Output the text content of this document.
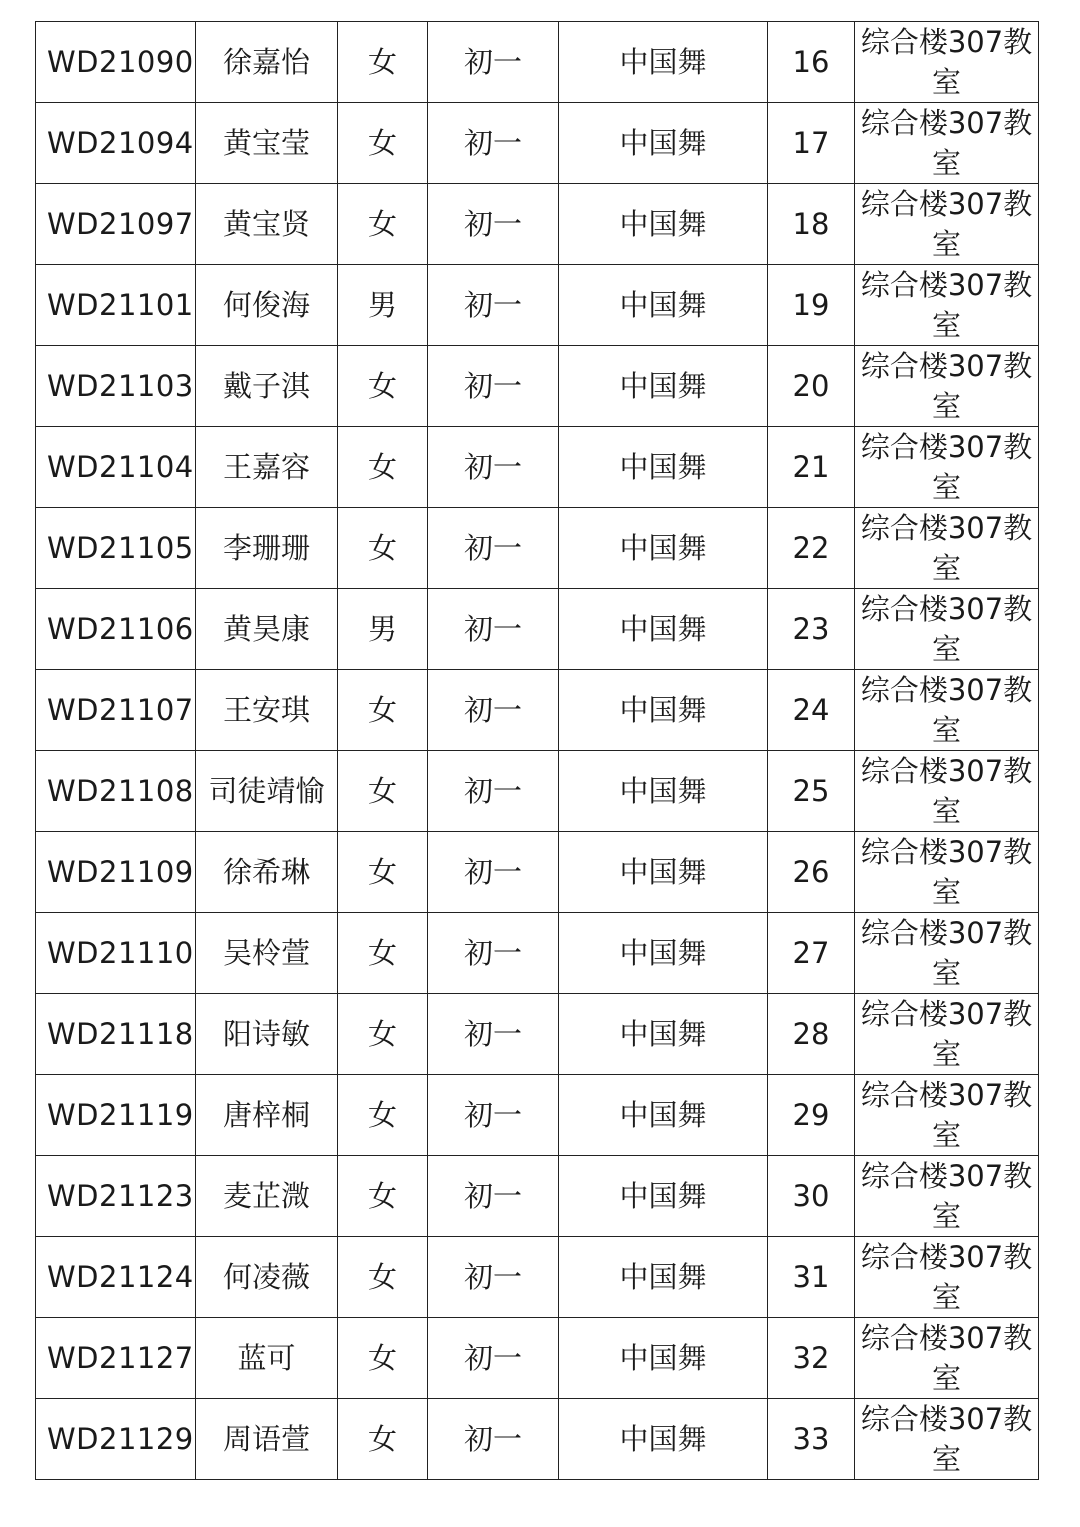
WD21090	徐嘉怡	女	初一	中国舞	16	综合楼307教室
WD21094	黄宝莹	女	初一	中国舞	17	综合楼307教室
WD21097	黄宝贤	女	初一	中国舞	18	综合楼307教室
WD21101	何俊海	男	初一	中国舞	19	综合楼307教室
WD21103	戴子淇	女	初一	中国舞	20	综合楼307教室
WD21104	王嘉容	女	初一	中国舞	21	综合楼307教室
WD21105	李珊珊	女	初一	中国舞	22	综合楼307教室
WD21106	黄昊康	男	初一	中国舞	23	综合楼307教室
WD21107	王安琪	女	初一	中国舞	24	综合楼307教室
WD21108	司徒靖愉	女	初一	中国舞	25	综合楼307教室
WD21109	徐希琳	女	初一	中国舞	26	综合楼307教室
WD21110	吴柃萱	女	初一	中国舞	27	综合楼307教室
WD21118	阳诗敏	女	初一	中国舞	28	综合楼307教室
WD21119	唐梓桐	女	初一	中国舞	29	综合楼307教室
WD21123	麦芷溦	女	初一	中国舞	30	综合楼307教室
WD21124	何凌薇	女	初一	中国舞	31	综合楼307教室
WD21127	蓝可	女	初一	中国舞	32	综合楼307教室
WD21129	周语萱	女	初一	中国舞	33	综合楼307教室
